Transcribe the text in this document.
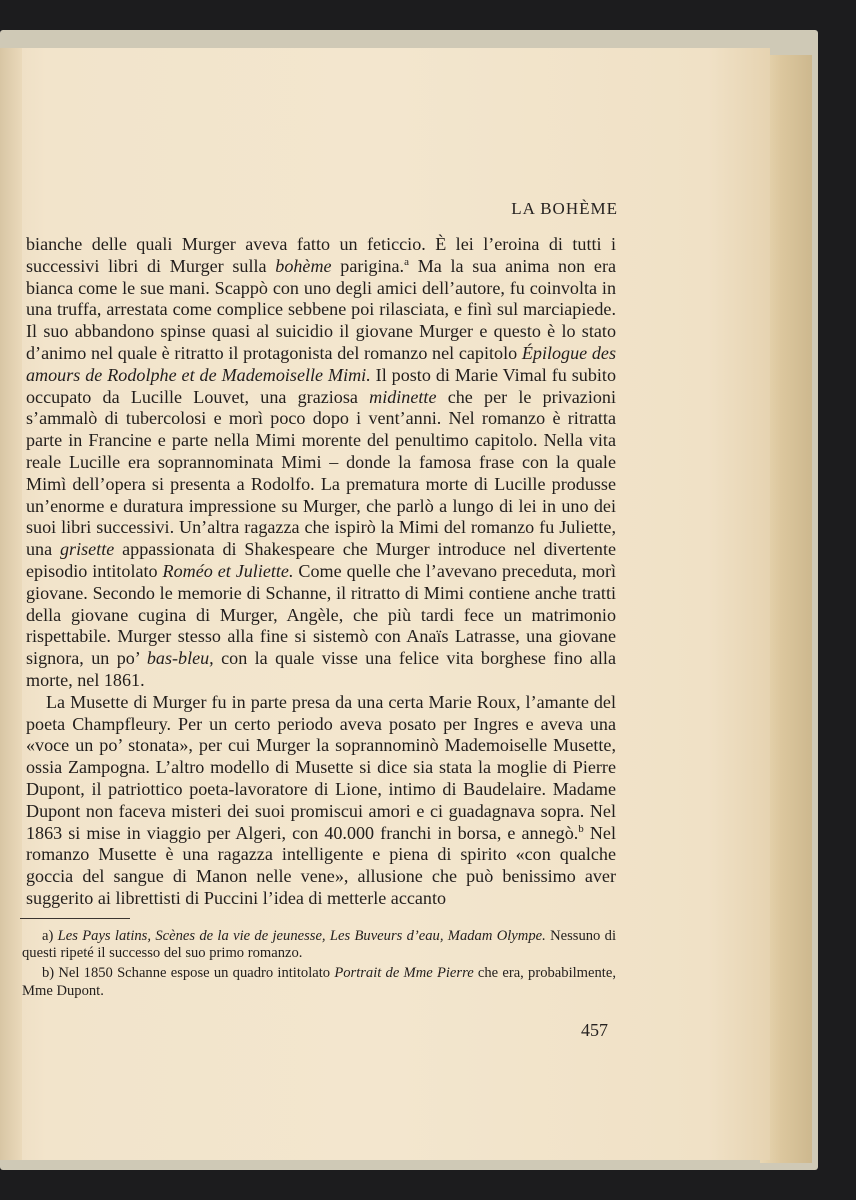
LA BOHÈME

bianche delle quali Murger aveva fatto un feticcio. È lei l’eroina di tutti i successivi libri di Murger sulla bohème parigina.$^a$ Ma la sua anima non era bianca come le sue mani. Scappò con uno degli amici dell’autore, fu coinvolta in una truffa, arrestata come complice sebbene poi rilasciata, e finì sul marciapiede. Il suo abbandono spinse quasi al suicidio il giovane Murger e questo è lo stato d’animo nel quale è ritratto il protagonista del romanzo nel capitolo Épilogue des amours de Rodolphe et de Mademoiselle Mimi. Il posto di Marie Vimal fu subito occupato da Lucille Louvet, una graziosa midinette che per le privazioni s’ammalò di tubercolosi e morì poco dopo i vent’anni. Nel romanzo è ritratta parte in Francine e parte nella Mimi morente del penultimo capitolo. Nella vita reale Lucille era soprannominata Mimi – donde la famosa frase con la quale Mimì dell’opera si presenta a Rodolfo. La prematura morte di Lucille produsse un’enorme e duratura impressione su Murger, che parlò a lungo di lei in uno dei suoi libri successivi. Un’altra ragazza che ispirò la Mimi del romanzo fu Juliette, una grisette appassionata di Shakespeare che Murger introduce nel divertente episodio intitolato Roméo et Juliette. Come quelle che l’avevano preceduta, morì giovane. Secondo le memorie di Schanne, il ritratto di Mimi contiene anche tratti della giovane cugina di Murger, Angèle, che più tardi fece un matrimonio rispettabile. Murger stesso alla fine si sistemò con Anaïs Latrasse, una giovane signora, un po’ bas-bleu, con la quale visse una felice vita borghese fino alla morte, nel 1861.

La Musette di Murger fu in parte presa da una certa Marie Roux, l’amante del poeta Champfleury. Per un certo periodo aveva posato per Ingres e aveva una «voce un po’ stonata», per cui Murger la soprannominò Mademoiselle Musette, ossia Zampogna. L’altro modello di Musette si dice sia stata la moglie di Pierre Dupont, il patriottico poeta-lavoratore di Lione, intimo di Baudelaire. Madame Dupont non faceva misteri dei suoi promiscui amori e ci guadagnava sopra. Nel 1863 si mise in viaggio per Algeri, con 40.000 franchi in borsa, e annegò.$^b$ Nel romanzo Musette è una ragazza intelligente e piena di spirito «con qualche goccia del sangue di Manon nelle vene», allusione che può benissimo aver suggerito ai librettisti di Puccini l’idea di metterle accanto

a) Les Pays latins, Scènes de la vie de jeunesse, Les Buveurs d’eau, Madam Olympe. Nessuno di questi ripeté il successo del suo primo romanzo.

b) Nel 1850 Schanne espose un quadro intitolato Portrait de Mme Pierre che era, probabilmente, Mme Dupont.

457
